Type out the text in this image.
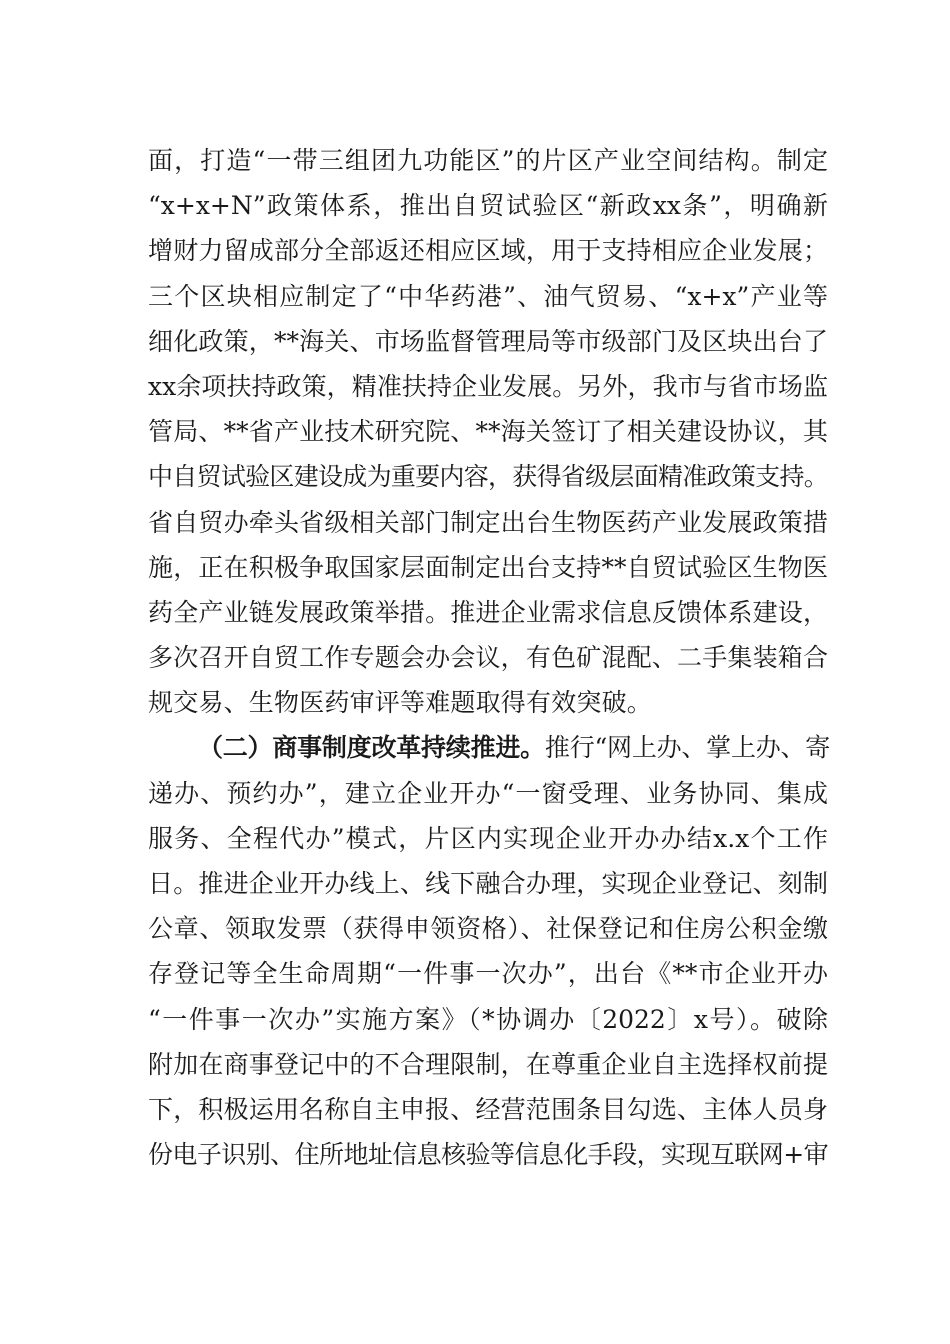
面，打造“一带三组团九功能区”的片区产业空间结构。制定
“x+x+N”政策体系，推出自贸试验区“新政xx条”，明确新
增财力留成部分全部返还相应区域，用于支持相应企业发展；
三个区块相应制定了“中华药港”、油气贸易、“x+x”产业等
细化政策，**海关、市场监督管理局等市级部门及区块出台了
xx余项扶持政策，精准扶持企业发展。另外，我市与省市场监
管局、**省产业技术研究院、**海关签订了相关建设协议，其
中自贸试验区建设成为重要内容，获得省级层面精准政策支持。
省自贸办牵头省级相关部门制定出台生物医药产业发展政策措
施，正在积极争取国家层面制定出台支持**自贸试验区生物医
药全产业链发展政策举措。推进企业需求信息反馈体系建设，
多次召开自贸工作专题会办会议，有色矿混配、二手集装箱合
规交易、生物医药审评等难题取得有效突破。
（二）商事制度改革持续推进。推行“网上办、掌上办、寄
递办、预约办”，建立企业开办“一窗受理、业务协同、集成
服务、全程代办”模式，片区内实现企业开办办结x.x个工作
日。推进企业开办线上、线下融合办理，实现企业登记、刻制
公章、领取发票（获得申领资格）、社保登记和住房公积金缴
存登记等全生命周期“一件事一次办”，出台《**市企业开办
“一件事一次办”实施方案》（*协调办〔2022〕x号）。破除
附加在商事登记中的不合理限制，在尊重企业自主选择权前提
下，积极运用名称自主申报、经营范围条目勾选、主体人员身
份电子识别、住所地址信息核验等信息化手段，实现互联网+审
